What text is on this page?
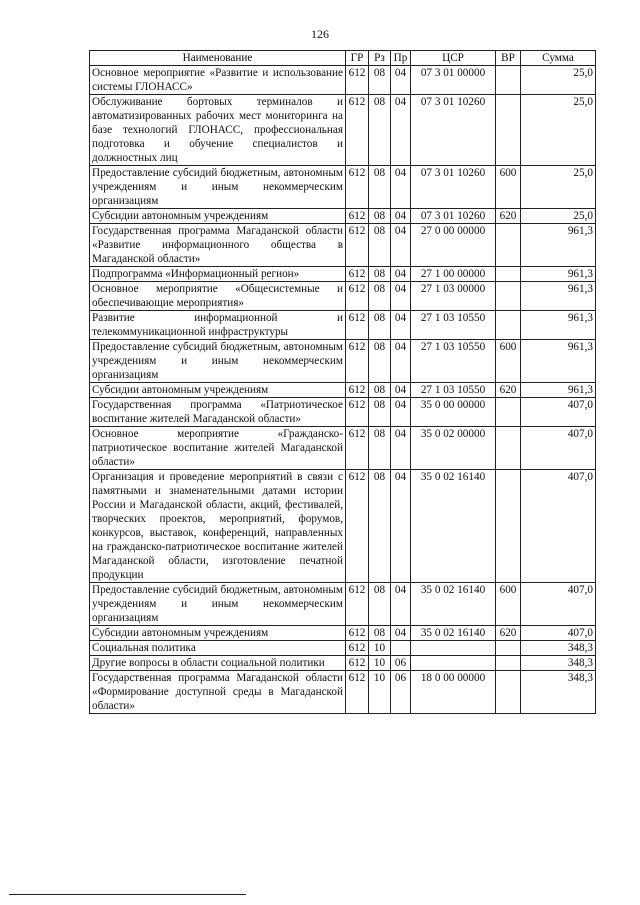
126
Наименование	ГР	Рз	Пр	ЦСР	ВР	Сумма
Основное мероприятие «Развитие и использование системы ГЛОНАСС»	612	08	04	07 3 01 00000		25,0
Обслуживание бортовых терминалов и автоматизированных рабочих мест мониторинга на базе технологий ГЛОНАСС, профессиональная подготовка и обучение специалистов и должностных лиц	612	08	04	07 3 01 10260		25,0
Предоставление субсидий бюджетным, автономным учреждениям и иным некоммерческим организациям	612	08	04	07 3 01 10260	600	25,0
Субсидии автономным учреждениям	612	08	04	07 3 01 10260	620	25,0
Государственная программа Магаданской области «Развитие информационного общества в Магаданской области»	612	08	04	27 0 00 00000		961,3
Подпрограмма «Информационный регион»	612	08	04	27 1 00 00000		961,3
Основное мероприятие «Общесистемные и обеспечивающие мероприятия»	612	08	04	27 1 03 00000		961,3
Развитие информационной и телекоммуникационной инфраструктуры	612	08	04	27 1 03 10550		961,3
Предоставление субсидий бюджетным, автономным учреждениям и иным некоммерческим организациям	612	08	04	27 1 03 10550	600	961,3
Субсидии автономным учреждениям	612	08	04	27 1 03 10550	620	961,3
Государственная программа «Патриотическое воспитание жителей Магаданской области»	612	08	04	35 0 00 00000		407,0
Основное мероприятие «Гражданско-патриотическое воспитание жителей Магаданской области»	612	08	04	35 0 02 00000		407,0
Организация и проведение мероприятий в связи с памятными и знаменательными датами истории России и Магаданской области, акций, фестивалей, творческих проектов, мероприятий, форумов, конкурсов, выставок, конференций, направленных на гражданско-патриотическое воспитание жителей Магаданской области, изготовление печатной продукции	612	08	04	35 0 02 16140		407,0
Предоставление субсидий бюджетным, автономным учреждениям и иным некоммерческим организациям	612	08	04	35 0 02 16140	600	407,0
Субсидии автономным учреждениям	612	08	04	35 0 02 16140	620	407,0
Социальная политика	612	10				348,3
Другие вопросы в области социальной политики	612	10	06			348,3
Государственная программа Магаданской области «Формирование доступной среды в Магаданской области»	612	10	06	18 0 00 00000		348,3
